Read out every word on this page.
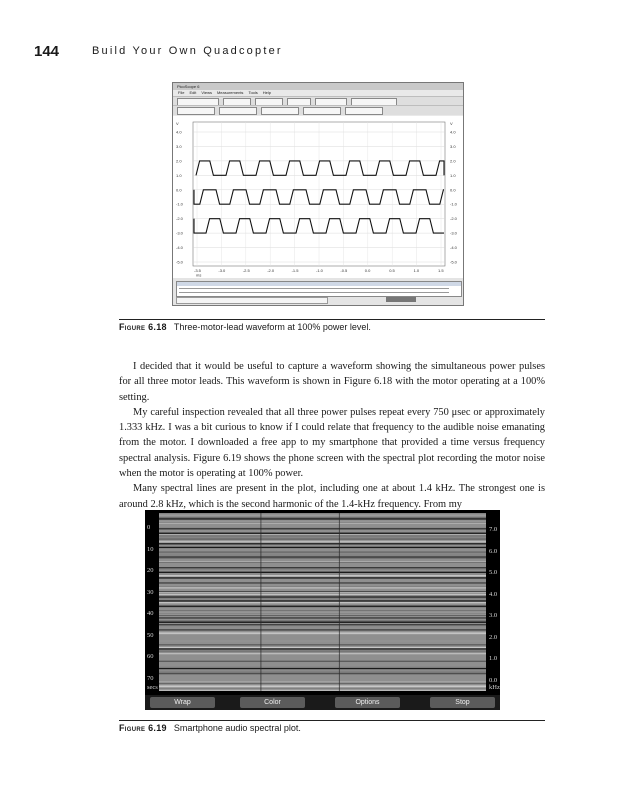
144	Build Your Own Quadcopter
PicoScope 6
File Edit Views Measurements Tools Help
V	V
4.0	4.0
3.0	3.0
2.0	2.0
1.0	1.0
0.0	0.0
-1.0	-1.0
-2.0	-2.0
-3.0	-3.0
-4.0	-4.0
-5.0	-5.0
-3.5	-3.0	-2.5	-2.0	-1.5	-1.0	-0.5	0.0	0.5	1.0	1.5
ms
Figure 6.18 Three-motor-lead waveform at 100% power level.

I decided that it would be useful to capture a waveform showing the simultaneous power pulses for all three motor leads. This waveform is shown in Figure 6.18 with the motor operating at a 100% setting.

My careful inspection revealed that all three power pulses repeat every 750 μsec or approximately 1.333 kHz. I was a bit curious to know if I could relate that frequency to the audible noise emanating from the motor. I downloaded a free app to my smartphone that provided a time versus frequency spectral analysis. Figure 6.19 shows the phone screen with the spectral plot recording the motor noise when the motor is operating at 100% power.

Many spectral lines are present in the plot, including one at about 1.4 kHz. The strongest one is around 2.8 kHz, which is the second harmonic of the 1.4-kHz frequency. From my

0
10
20
30
40
50
60
70
7.0
6.0
5.0
4.0
3.0
2.0
1.0
0.0
secs	kHz
Wrap	Color	Options	Stop
Figure 6.19 Smartphone audio spectral plot.
